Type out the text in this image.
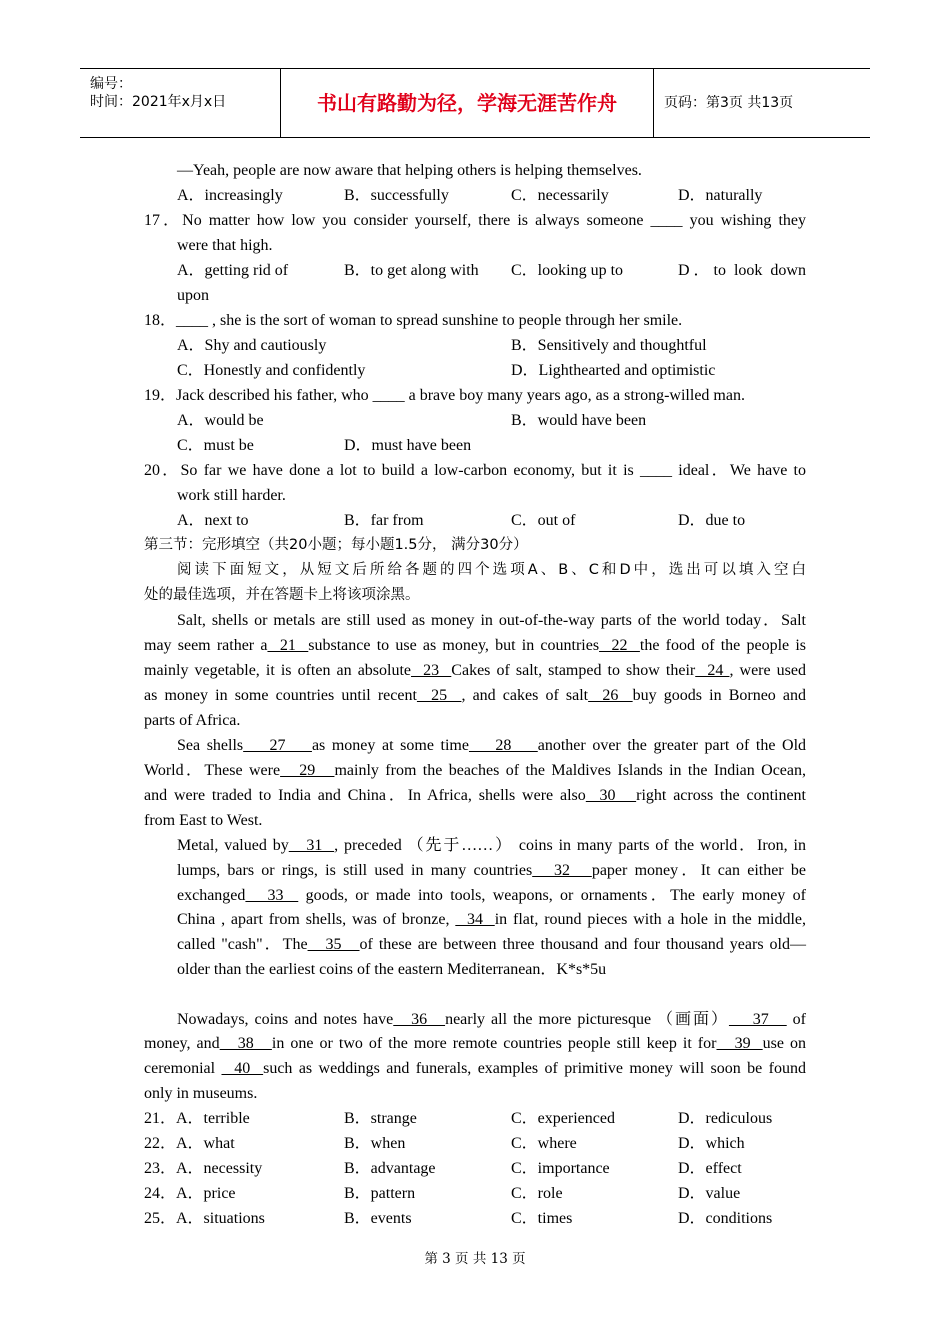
编号：
时间：2021年x月x日	书山有路勤为径，学海无涯苦作舟	页码：第3页 共13页
—Yeah, people are now aware that helping others is helping themselves.
A．increasingly	B．successfully	C．necessarily	D．naturally
17．No matter how low you consider yourself, there is always someone ____ you wishing they
were that high.
A．getting rid of	B．to get along with C．looking up to	D．to look down
upon
18．____ , she is the sort of woman to spread sunshine to people through her smile.
A．Shy and cautiously	B．Sensitively and thoughtful
C．Honestly and confidently	D．Lighthearted and optimistic
19．Jack described his father, who ____ a brave boy many years ago, as a strong-willed man.
A．would be	B．would have been
C．must be	D．must have been
20．So far we have done a lot to build a low-carbon economy, but it is ____ ideal．We have to
work still harder.
A．next to	B．far from	C．out of	D．due to
第三节：完形填空（共20小题；每小题1.5分， 满分30分）
阅读下面短文，从短文后所给各题的四个选项A、B、C和D中，选出可以填入空白
处的最佳选项，并在答题卡上将该项涂黑。
Salt, shells or metals are still used as money in out-of-the-way parts of the world today．Salt
may seem rather a  21  substance to use as money, but in countries  22  the food of the people is
mainly vegetable, it is often an absolute  23  Cakes of salt, stamped to show their  24 , were used
as money in some countries until recent  25  , and cakes of salt  26  buy goods in Borneo and
parts of Africa.
Sea shells    27    as money at some time    28    another over the greater part of the Old
World．These were   29   mainly from the beaches of the Maldives Islands in the Indian Ocean,
and were traded to India and China．In Africa, shells were also  30   right across the continent
from East to West.
Metal, valued by   31  , preceded （先于……） coins in many parts of the world．Iron, in
lumps, bars or rings, is still used in many countries   32   paper money．It can either be
exchanged   33   goods, or made into tools, weapons, or ornaments．The early money of
China , apart from shells, was of bronze,   34  in flat, round pieces with a hole in the middle,
called "cash"．The   35   of these are between three thousand and four thousand years old—
older than the earliest coins of the eastern Mediterranean．K*s*5u
Nowadays, coins and notes have   36   nearly all the more picturesque （画面）    37    of
money, and   38   in one or two of the more remote countries people still keep it for   39  use on
ceremonial   40  such as weddings and funerals, examples of primitive money will soon be found
only in museums.
21．A．terrible	B．strange	C．experienced	D．rediculous
22．A．what	B．when	C．where	D．which
23．A．necessity	B．advantage	C．importance	D．effect
24．A．price	B．pattern	C．role	D．value
25．A．situations	B．events	C．times	D．conditions
第 3 页 共 13 页
